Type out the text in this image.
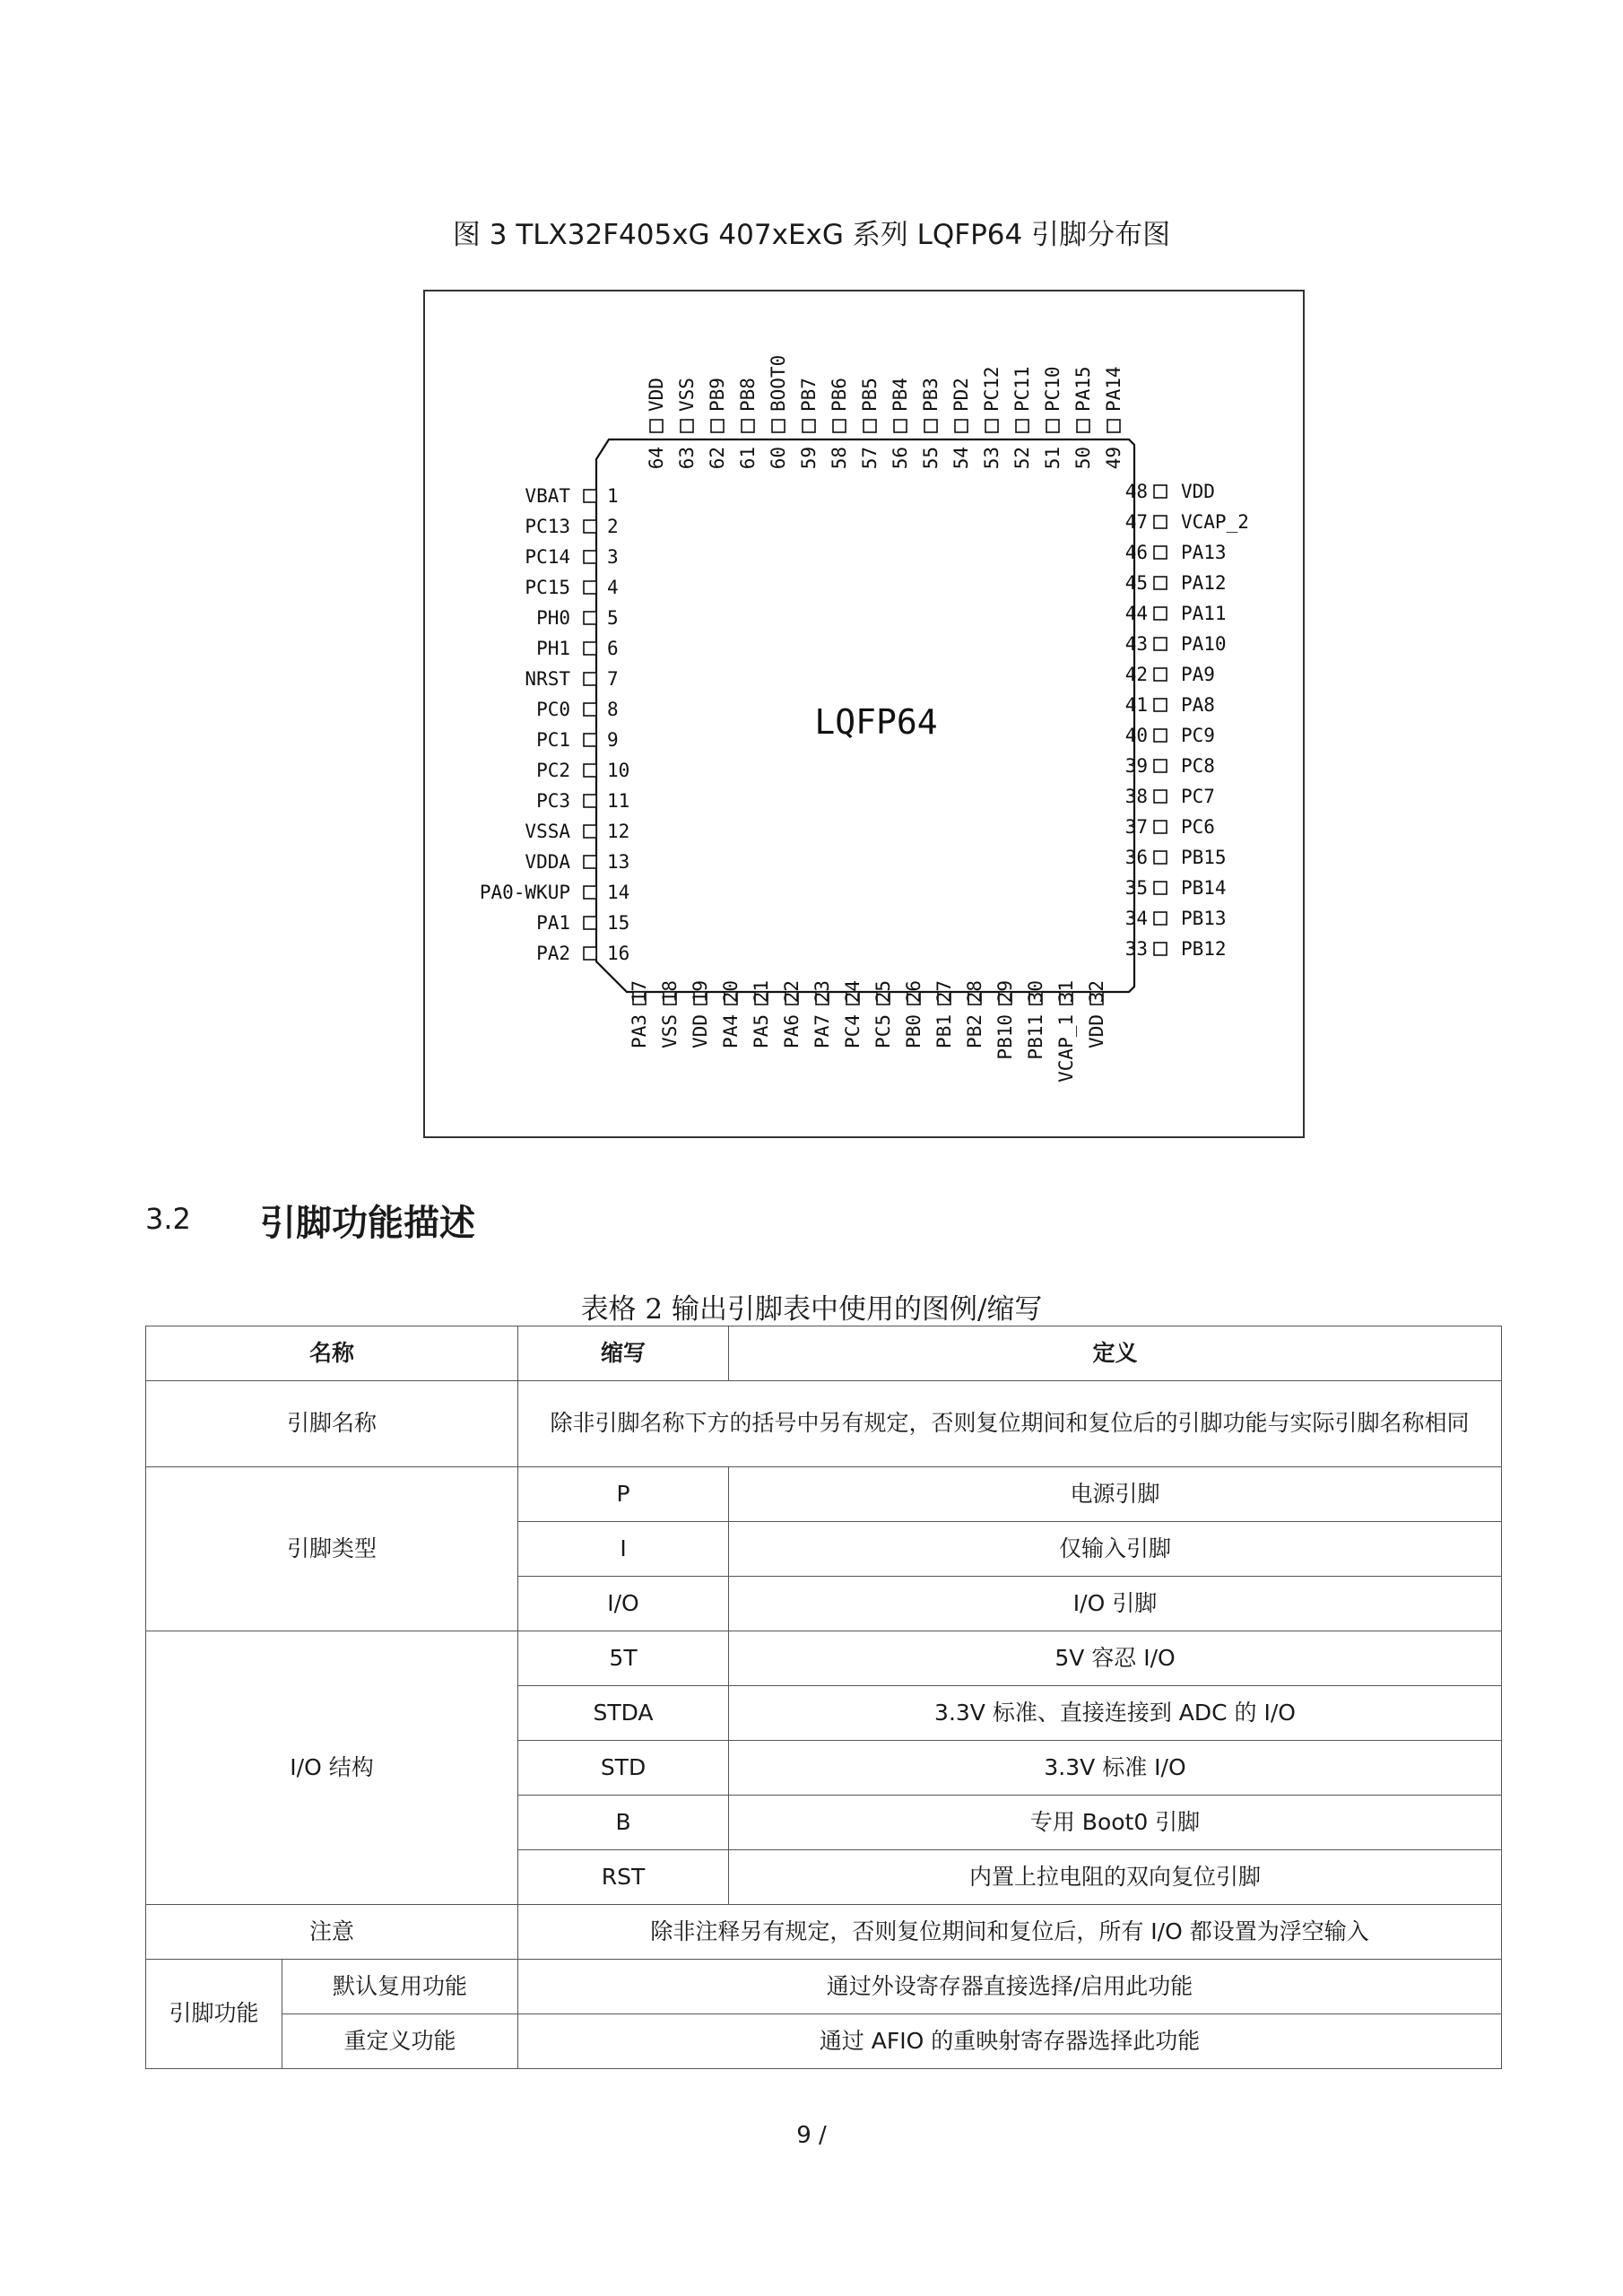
图 3 TLX32F405xG 407xExG 系列 LQFP64 引脚分布图
LQFP64
VBAT 1
PC13 2
PC14 3
PC15 4
PH0 5
PH1 6
NRST 7
PC0 8
PC1 9
PC2 10
PC3 11
VSSA 12
VDDA 13
PA0-WKUP 14
PA1 15
PA2 16
17
PA3
18
VSS
19
VDD
20
PA4
21
PA5
22
PA6
23
PA7
24
PC4
25
PC5
26
PB0
27
PB1
28
PB2
29
PB10
30
PB11
31
VCAP_1
32
VDD
33 PB12
34 PB13
35 PB14
36 PB15
37 PC6
38 PC7
39 PC8
40 PC9
41 PA8
42 PA9
43 PA10
44 PA11
45 PA12
46 PA13
47 VCAP_2
48 VDD
49
PA14
50
PA15
51
PC10
52
PC11
53
PC12
54
PD2
55
PB3
56
PB4
57
PB5
58
PB6
59
PB7
60
BOOT0
61
PB8
62
PB9
63
VSS
64
VDD
3.2 引脚功能描述
表格 2 输出引脚表中使用的图例/缩写
名称		缩写	定义
引脚名称		除非引脚名称下方的括号中另有规定，否则复位期间和复位后的引脚功能与实际引脚名称相同	
引脚类型		P	电源引脚
		I	仅输入引脚
		I/O	I/O 引脚
I/O 结构		5T	5V 容忍 I/O
		STDA	3.3V 标准、直接连接到 ADC 的 I/O
		STD	3.3V 标准 I/O
		B	专用 Boot0 引脚
		RST	内置上拉电阻的双向复位引脚
注意		除非注释另有规定，否则复位期间和复位后，所有 I/O 都设置为浮空输入	
引脚功能	默认复用功能	通过外设寄存器直接选择/启用此功能	
	重定义功能	通过 AFIO 的重映射寄存器选择此功能	
9 /
